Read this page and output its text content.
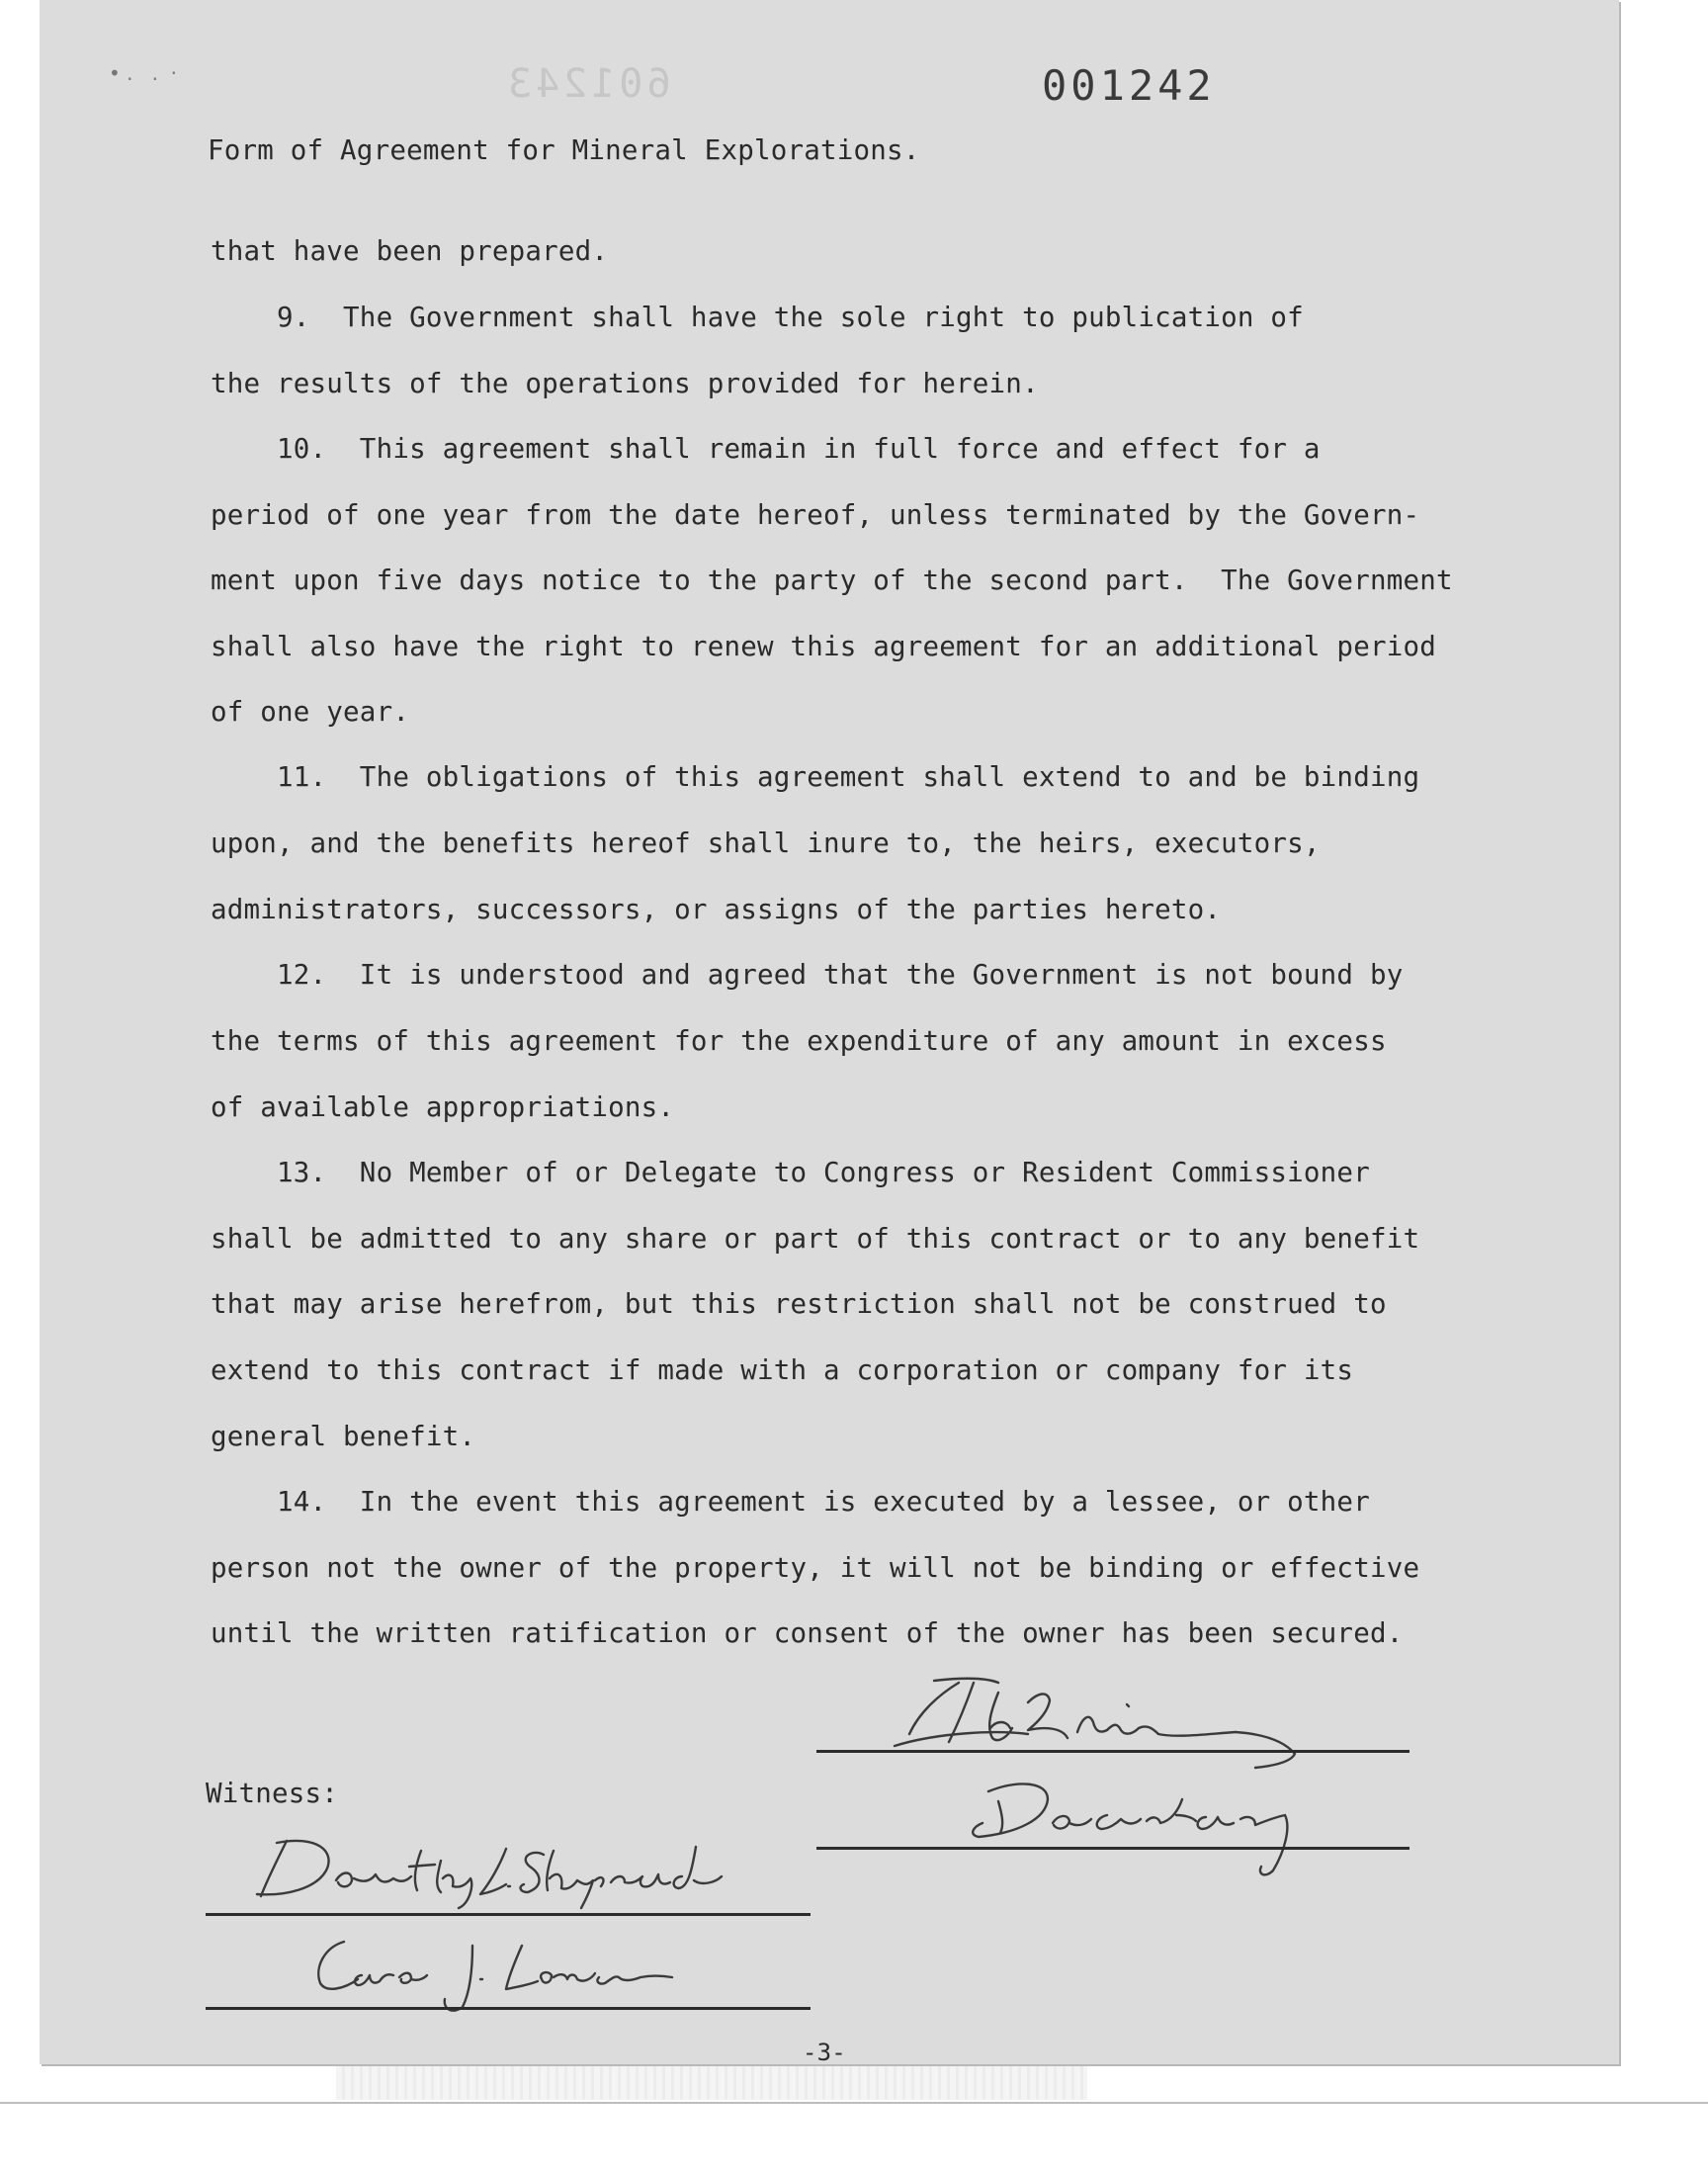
• .   .  ·	601243	001242
Form of Agreement for Mineral Explorations.
that have been prepared.
9.  The Government shall have the sole right to publication of
the results of the operations provided for herein.
10.  This agreement shall remain in full force and effect for a
period of one year from the date hereof, unless terminated by the Govern-
ment upon five days notice to the party of the second part.  The Government
shall also have the right to renew this agreement for an additional period
of one year.
11.  The obligations of this agreement shall extend to and be binding
upon, and the benefits hereof shall inure to, the heirs, executors,
administrators, successors, or assigns of the parties hereto.
12.  It is understood and agreed that the Government is not bound by
the terms of this agreement for the expenditure of any amount in excess
of available appropriations.
13.  No Member of or Delegate to Congress or Resident Commissioner
shall be admitted to any share or part of this contract or to any benefit
that may arise herefrom, but this restriction shall not be construed to
extend to this contract if made with a corporation or company for its
general benefit.
14.  In the event this agreement is executed by a lessee, or other
person not the owner of the property, it will not be binding or effective
until the written ratification or consent of the owner has been secured.
Witness:
-3-
